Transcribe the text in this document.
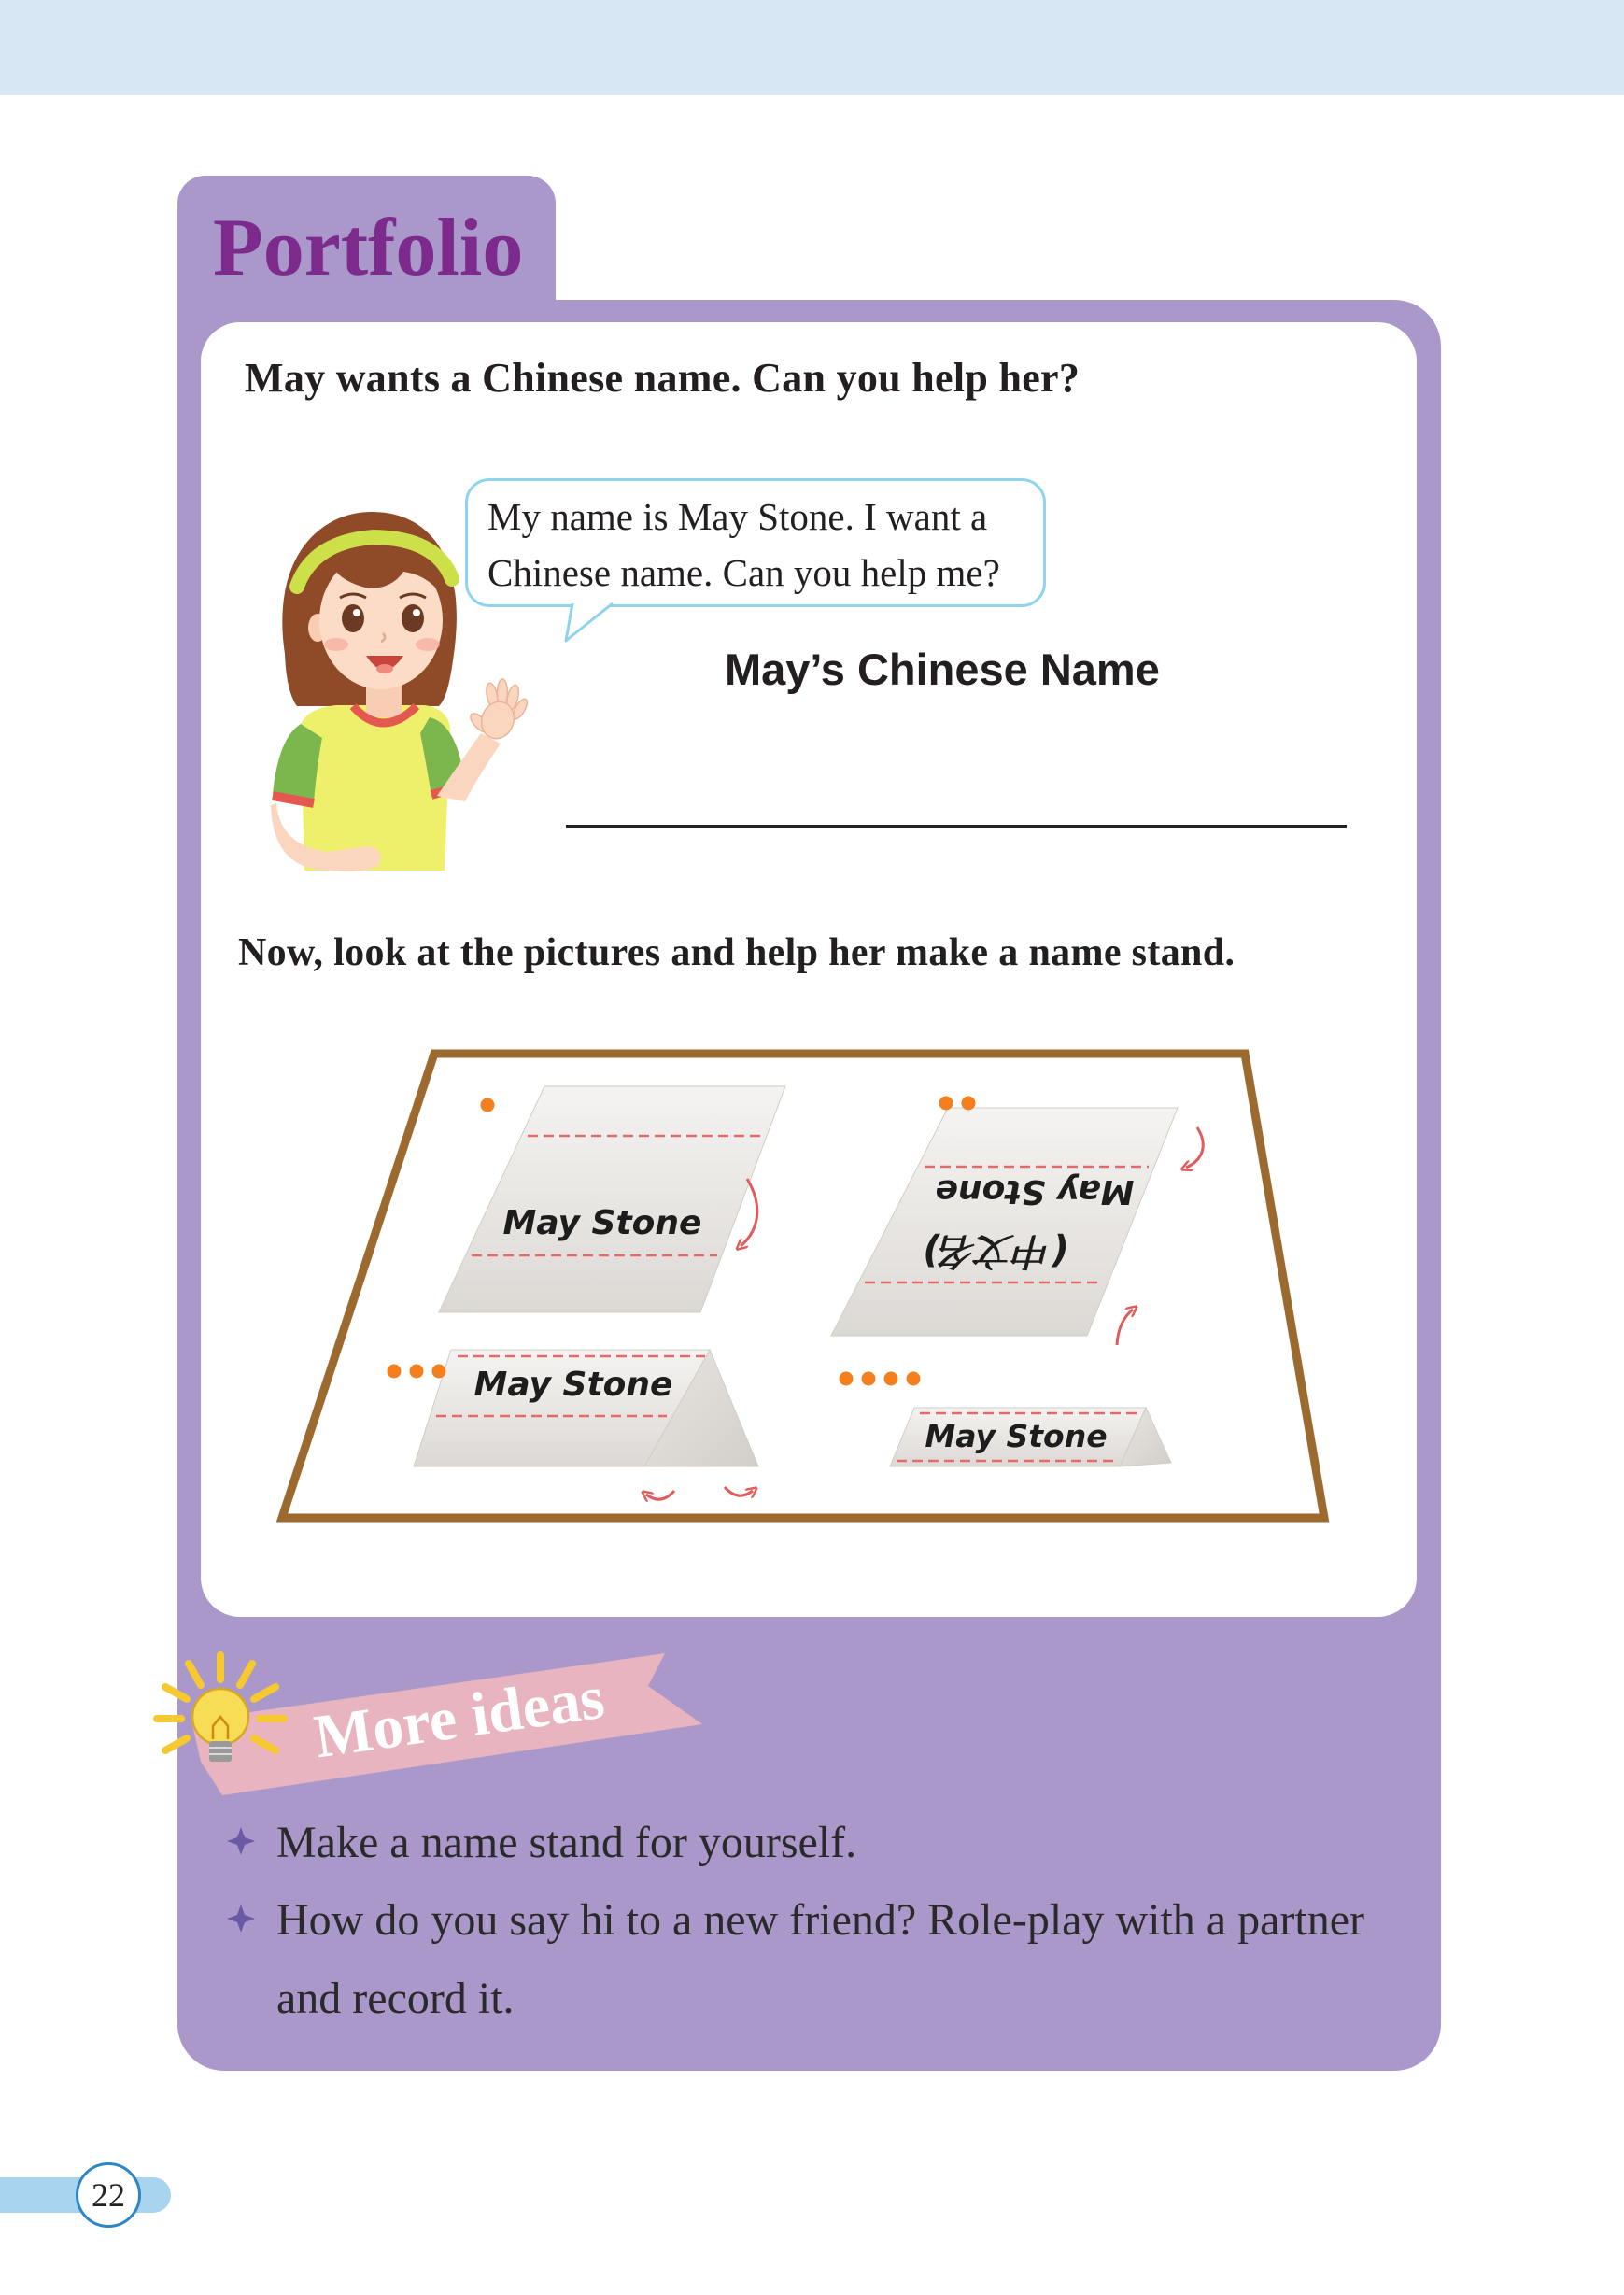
Portfolio
May wants a Chinese name. Can you help her?
My name is May Stone. I want a
Chinese name. Can you help me?
May’s Chinese Name
Now, look at the pictures and help her make a name stand.
May Stone
May Stone
(中文名)
May Stone
May Stone
More ideas
Make a name stand for yourself.
How do you say hi to a new friend? Role-play with a partner
and record it.
22
